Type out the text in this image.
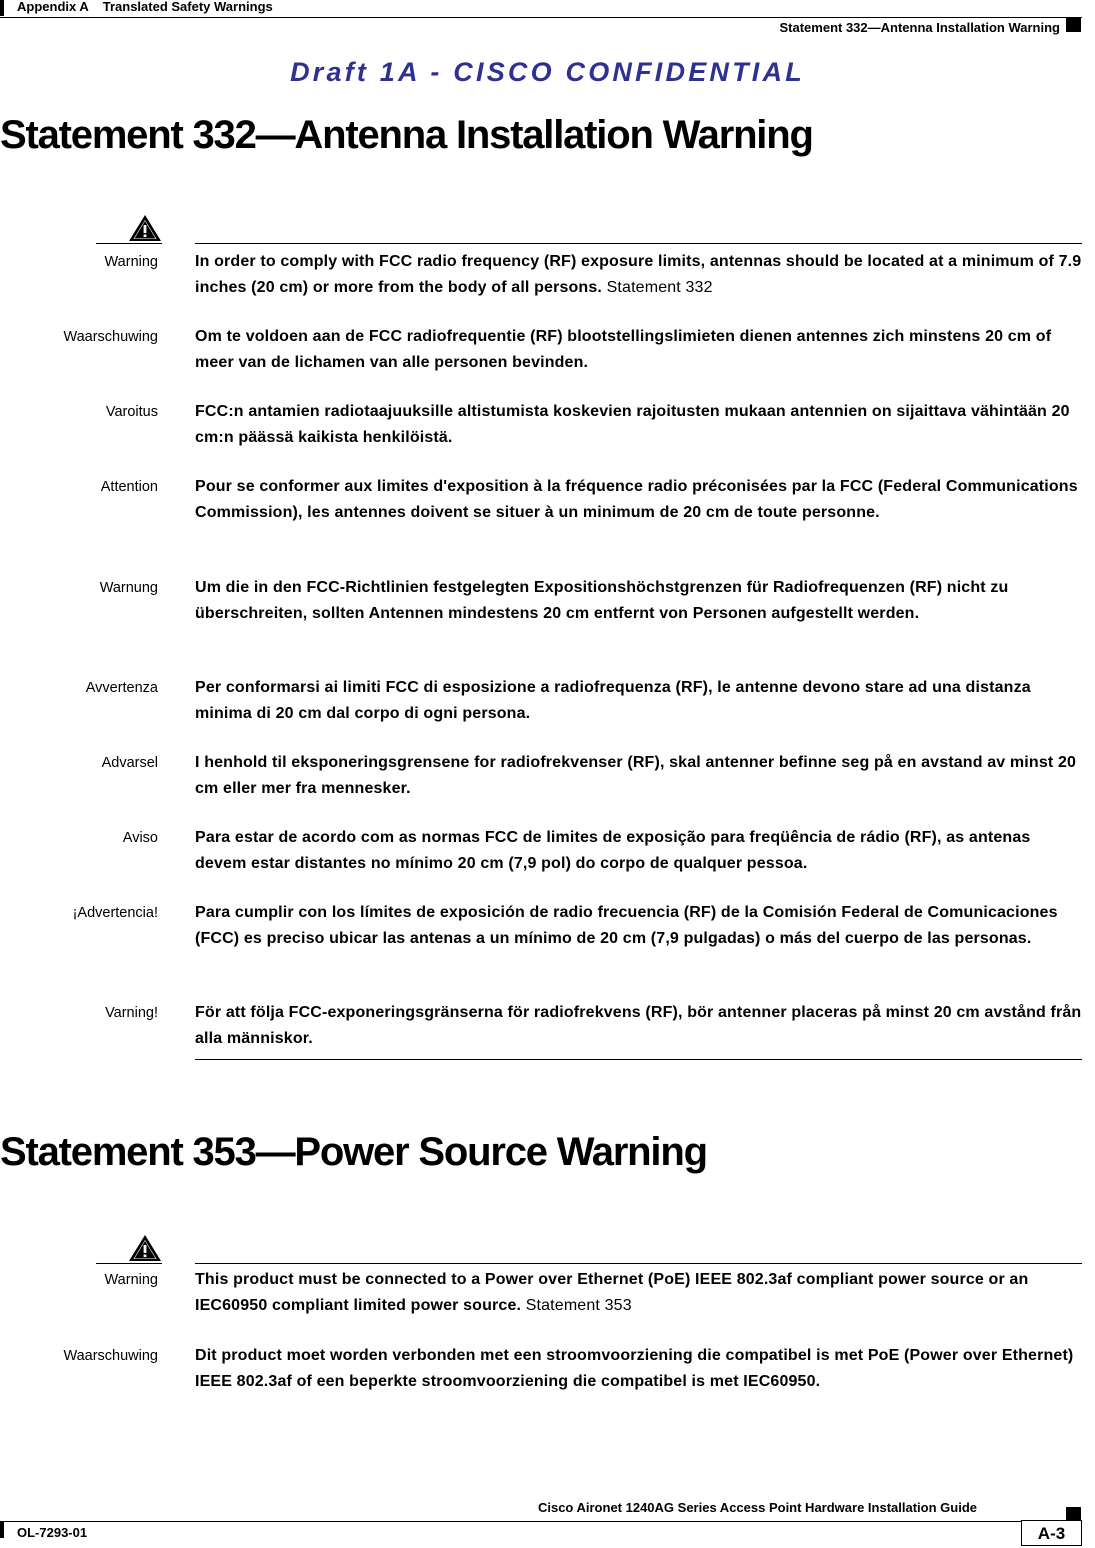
Appendix A Translated Safety Warnings
Statement 332—Antenna Installation Warning
Draft 1A - CISCO CONFIDENTIAL
Statement 332—Antenna Installation Warning
Warning In order to comply with FCC radio frequency (RF) exposure limits, antennas should be located at a minimum of 7.9 inches (20 cm) or more from the body of all persons. Statement 332
Waarschuwing Om te voldoen aan de FCC radiofrequentie (RF) blootstellingslimieten dienen antennes zich minstens 20 cm of meer van de lichamen van alle personen bevinden.
Varoitus FCC:n antamien radiotaajuuksille altistumista koskevien rajoitusten mukaan antennien on sijaittava vähintään 20 cm:n päässä kaikista henkilöistä.
Attention Pour se conformer aux limites d'exposition à la fréquence radio préconisées par la FCC (Federal Communications Commission), les antennes doivent se situer à un minimum de 20 cm de toute personne.
Warnung Um die in den FCC-Richtlinien festgelegten Expositionshöchstgrenzen für Radiofrequenzen (RF) nicht zu überschreiten, sollten Antennen mindestens 20 cm entfernt von Personen aufgestellt werden.
Avvertenza Per conformarsi ai limiti FCC di esposizione a radiofrequenza (RF), le antenne devono stare ad una distanza minima di 20 cm dal corpo di ogni persona.
Advarsel I henhold til eksponeringsgrensene for radiofrekvenser (RF), skal antenner befinne seg på en avstand av minst 20 cm eller mer fra mennesker.
Aviso Para estar de acordo com as normas FCC de limites de exposição para freqüência de rádio (RF), as antenas devem estar distantes no mínimo 20 cm (7,9 pol) do corpo de qualquer pessoa.
¡Advertencia! Para cumplir con los límites de exposición de radio frecuencia (RF) de la Comisión Federal de Comunicaciones (FCC) es preciso ubicar las antenas a un mínimo de 20 cm (7,9 pulgadas) o más del cuerpo de las personas.
Varning! För att följa FCC-exponeringsgränserna för radiofrekvens (RF), bör antenner placeras på minst 20 cm avstånd från alla människor.
Statement 353—Power Source Warning
Warning This product must be connected to a Power over Ethernet (PoE) IEEE 802.3af compliant power source or an IEC60950 compliant limited power source. Statement 353
Waarschuwing Dit product moet worden verbonden met een stroomvoorziening die compatibel is met PoE (Power over Ethernet) IEEE 802.3af of een beperkte stroomvoorziening die compatibel is met IEC60950.
Cisco Aironet 1240AG Series Access Point Hardware Installation Guide
OL-7293-01	A-3
